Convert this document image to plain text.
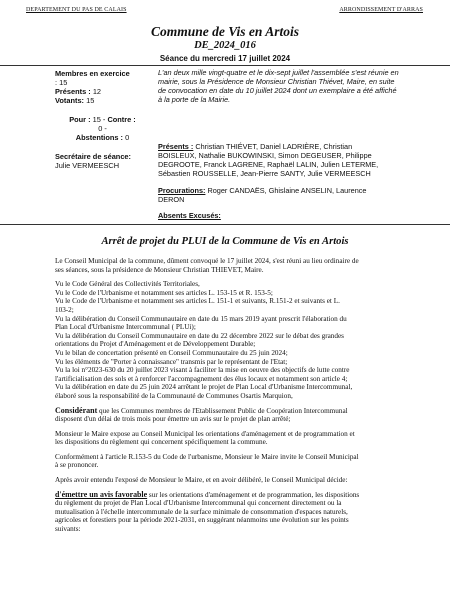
DEPARTEMENT DU PAS DE CALAIS	ARRONDISSEMENT D'ARRAS
Commune de Vis en Artois
DE_2024_016
Séance du mercredi 17 juillet 2024
Membres en exercice
: 15
Présents : 12
Votants: 15
Pour : 15 - Contre :
0 -
Abstentions : 0
Secrétaire de séance:
Julie VERMEESCH
L'an deux mille vingt-quatre et le dix-sept juillet l'assemblée s'est réunie en
mairie, sous la Présidence de Monsieur Christian Thiévet, Maire, en suite
de convocation en date du 10 juillet 2024 dont un exemplaire a été affiché
à la porte de la Mairie.
Présents : Christian THIÉVET, Daniel LADRIÈRE, Christian
BOISLEUX, Nathalie BUKOWINSKI, Simon DEGEUSER, Philippe
DEGROOTE, Franck LAGRENE, Raphaël LALIN, Julien LETERME,
Sébastien ROUSSELLE, Jean-Pierre SANTY, Julie VERMEESCH
Procurations: Roger CANDAËS, Ghislaine ANSELIN, Laurence
DERON
Absents Excusés:
Arrêt de projet du PLUI de la Commune de Vis en Artois

Le Conseil Municipal de la commune, dûment convoqué le 17 juillet 2024, s'est réuni au lieu ordinaire de

ses séances, sous la présidence de Monsieur Christian THIEVET, Maire.

Vu le Code Général des Collectivités Territoriales,

Vu le Code de l'Urbanisme et notamment ses articles L. 153-15 et R. 153-5;

Vu le Code de l'Urbanisme et notamment ses articles L. 151-1 et suivants, R.151-2 et suivants et L.

103-2;

Vu la délibération du Conseil Communautaire en date du 15 mars 2019 ayant prescrit l'élaboration du

Plan Local d'Urbanisme Intercommunal ( PLUi);

Vu la délibération du Conseil Communautaire en date du 22 décembre 2022 sur le débat des grandes

orientations du Projet d'Aménagement et de Développement Durable;

Vu le bilan de concertation présenté en Conseil Communautaire du 25 juin 2024;

Vu les éléments de "Porter à connaissance" transmis par le représentant de l'Etat;

Vu la loi n°2023-630 du 20 juillet 2023 visant à faciliter la mise en oeuvre des objectifs de lutte contre

l'artificialisation des sols et à renforcer l'accompagnement des élus locaux et notamment son article 4;

Vu la délibération en date du 25 juin 2024 arrêtant le projet de Plan Local d'Urbanisme Intercommunal,

élaboré sous la responsabilité de la Communauté de Communes Osartis Marquion,

Considérant que les Communes membres de l'Etablissement Public de Coopération Intercommunal

disposent d'un délai de trois mois pour émettre un avis sur le projet de plan arrêté;

Monsieur le Maire expose au Conseil Municipal les orientations d'aménagement et de programmation et

les dispositions du règlement qui concernent spécifiquement la commune.

Conformément à l'article R.153-5 du Code de l'urbanisme, Monsieur le Maire invite le Conseil Municipal

à se prononcer.

Après avoir entendu l'exposé de Monsieur le Maire, et en avoir délibéré, le Conseil Municipal décide:

d'émettre un avis favorable sur les orientations d'aménagement et de programmation, les dispositions

du règlement du projet de Plan Local d'Urbanisme Intercommunal qui concernent directement ou la

mutualisation à l'échelle intercommunale de la surface minimale de consommation d'espaces naturels,

agricoles et forestiers pour la période 2021-2031, en suggérant néanmoins une évolution sur les points

suivants:
